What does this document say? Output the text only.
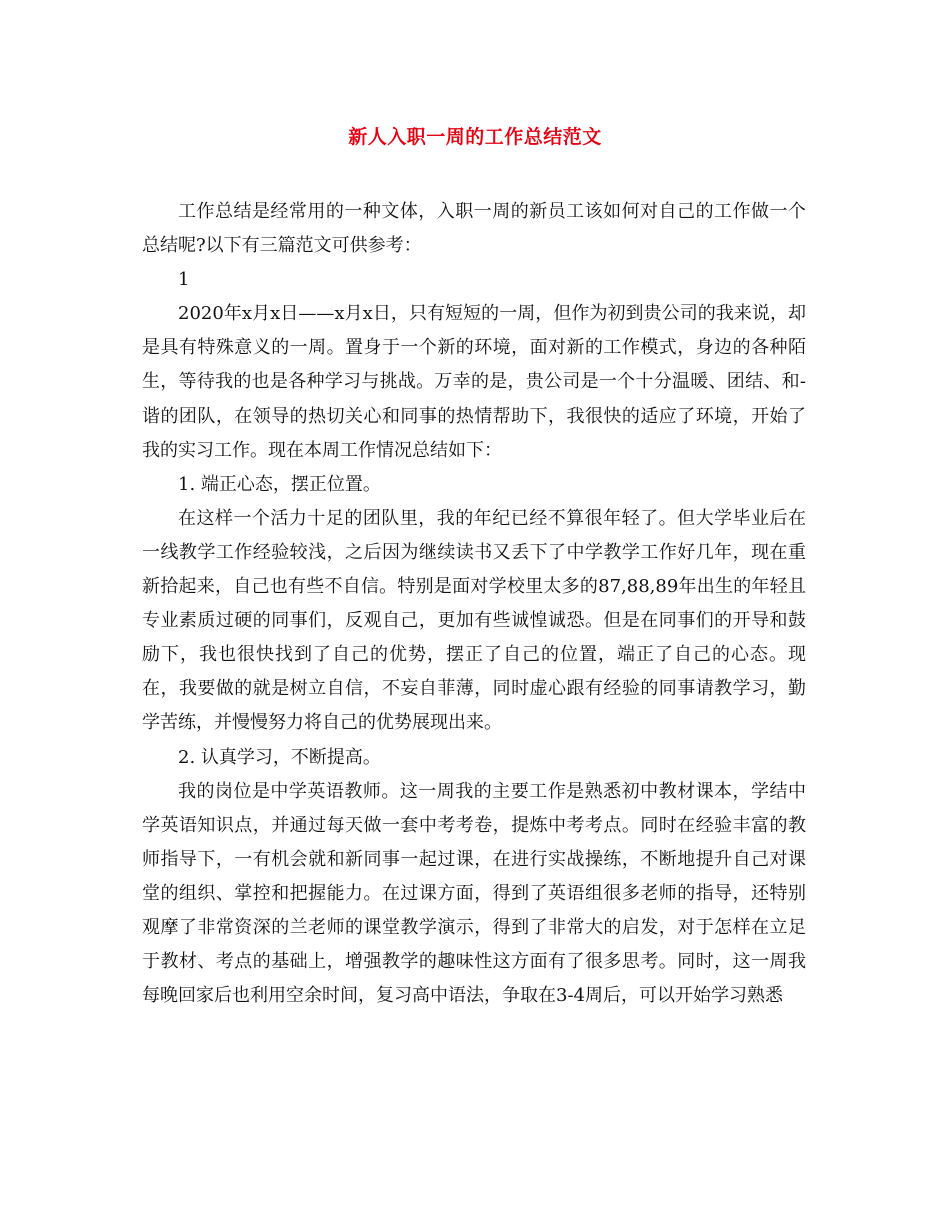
新人入职一周的工作总结范文

工作总结是经常用的一种文体，入职一周的新员工该如何对自己的工作做一个总结呢?以下有三篇范文可供参考：

1

2020年x月x日——x月x日，只有短短的一周，但作为初到贵公司的我来说，却是具有特殊意义的一周。置身于一个新的环境，面对新的工作模式，身边的各种陌生，等待我的也是各种学习与挑战。万幸的是，贵公司是一个十分温暖、团结、和-谐的团队，在领导的热切关心和同事的热情帮助下，我很快的适应了环境，开始了我的实习工作。现在本周工作情况总结如下：

1. 端正心态，摆正位置。

在这样一个活力十足的团队里，我的年纪已经不算很年轻了。但大学毕业后在一线教学工作经验较浅，之后因为继续读书又丢下了中学教学工作好几年，现在重新拾起来，自己也有些不自信。特别是面对学校里太多的87,88,89年出生的年轻且专业素质过硬的同事们，反观自己，更加有些诚惶诚恐。但是在同事们的开导和鼓励下，我也很快找到了自己的优势，摆正了自己的位置，端正了自己的心态。现在，我要做的就是树立自信，不妄自菲薄，同时虚心跟有经验的同事请教学习，勤学苦练，并慢慢努力将自己的优势展现出来。

2. 认真学习，不断提高。

我的岗位是中学英语教师。这一周我的主要工作是熟悉初中教材课本，学结中学英语知识点，并通过每天做一套中考考卷，提炼中考考点。同时在经验丰富的教师指导下，一有机会就和新同事一起过课，在进行实战操练，不断地提升自己对课堂的组织、掌控和把握能力。在过课方面，得到了英语组很多老师的指导，还特别观摩了非常资深的兰老师的课堂教学演示，得到了非常大的启发，对于怎样在立足于教材、考点的基础上，增强教学的趣味性这方面有了很多思考。同时，这一周我每晚回家后也利用空余时间，复习高中语法，争取在3-4周后，可以开始学习熟悉
